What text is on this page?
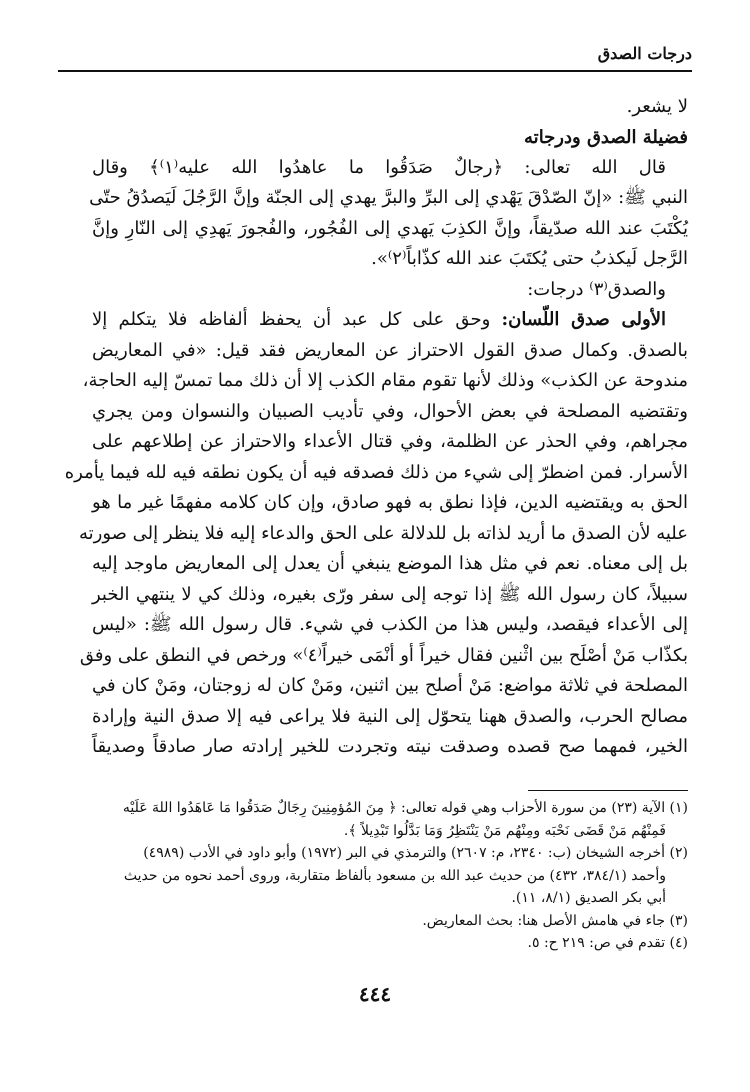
درجات الصدق
لا يشعر.
فضيلة الصدق ودرجاته
قال الله تعالى: ﴿رجالٌ صَدَقُوا ما عاهدُوا الله عليه⁽١⁾﴾ وقال
النبي ﷺ: «إنّ الصّدْقَ يَهْدي إلى البرِّ والبرَّ يهدي إلى الجنّة وإنَّ الرَّجُلَ لَيَصدُقُ حتّى
يُكْتَبَ عند الله صدّيقاً، وإنَّ الكذِبَ يَهدي إلى الفُجُور، والفُجورَ يَهدِي إلى النّارِ وإنَّ
الرَّجل لَيكذبُ حتى يُكتَبَ عند الله كذّاباً⁽٢⁾».
والصدق⁽٣⁾ درجات:
الأولى صدق اللّسان: وحق على كل عبد أن يحفظ ألفاظه فلا يتكلم إلا
بالصدق. وكمال صدق القول الاحتراز عن المعاريض فقد قيل: «في المعاريض
مندوحة عن الكذب» وذلك لأنها تقوم مقام الكذب إلا أن ذلك مما تمسّ إليه الحاجة،
وتقتضيه المصلحة في بعض الأحوال، وفي تأديب الصبيان والنسوان ومن يجري
مجراهم، وفي الحذر عن الظلمة، وفي قتال الأعداء والاحتراز عن إطلاعهم على
الأسرار. فمن اضطرّ إلى شيء من ذلك فصدقه فيه أن يكون نطقه فيه لله فيما يأمره
الحق به ويقتضيه الدين، فإذا نطق به فهو صادق، وإن كان كلامه مفهمًا غير ما هو
عليه لأن الصدق ما أريد لذاته بل للدلالة على الحق والدعاء إليه فلا ينظر إلى صورته
بل إلى معناه. نعم في مثل هذا الموضع ينبغي أن يعدل إلى المعاريض ماوجد إليه
سبيلاً، كان رسول الله ﷺ إذا توجه إلى سفر ورّى بغيره، وذلك كي لا ينتهي الخبر
إلى الأعداء فيقصد، وليس هذا من الكذب في شيء. قال رسول الله ﷺ: «ليس
بكذّاب مَنْ أصْلَح بين اثْنين فقال خيراً أو أنْمَى خيراً⁽٤⁾» ورخص في النطق على وفق
المصلحة في ثلاثة مواضع: مَنْ أصلح بين اثنين، ومَنْ كان له زوجتان، ومَنْ كان في
مصالح الحرب، والصدق ههنا يتحوّل إلى النية فلا يراعى فيه إلا صدق النية وإرادة
الخير، فمهما صح قصده وصدقت نيته وتجردت للخير إرادته صار صادقاً وصديقاً
(١) الآية (٢٣) من سورة الأحزاب وهي قوله تعالى: ﴿ مِنَ المُؤمِنِينَ رِجَالٌ صَدَقُوا مَا عَاهَدُوا اللهَ عَلَيْه
فَمِنْهُم مَنْ قَضَى نَحْبَه ومِنْهُم مَنْ يَنْتَظِرُ وَمَا بَدَّلُوا تَبْدِيلاً ﴾.
(٢) أخرجه الشيخان (ب: ٢٣٤٠، م: ٢٦٠٧) والترمذي في البر (١٩٧٢) وأبو داود في الأدب (٤٩٨٩)
وأحمد (٣٨٤/١، ٤٣٢) من حديث عبد الله بن مسعود بألفاظ متقاربة، وروى أحمد نحوه من حديث
أبي بكر الصديق (٨/١، ١١).
(٣) جاء في هامش الأصل هنا: بحث المعاريض.
(٤) تقدم في ص: ٢١٩ ح: ٥.
٤٤٤
